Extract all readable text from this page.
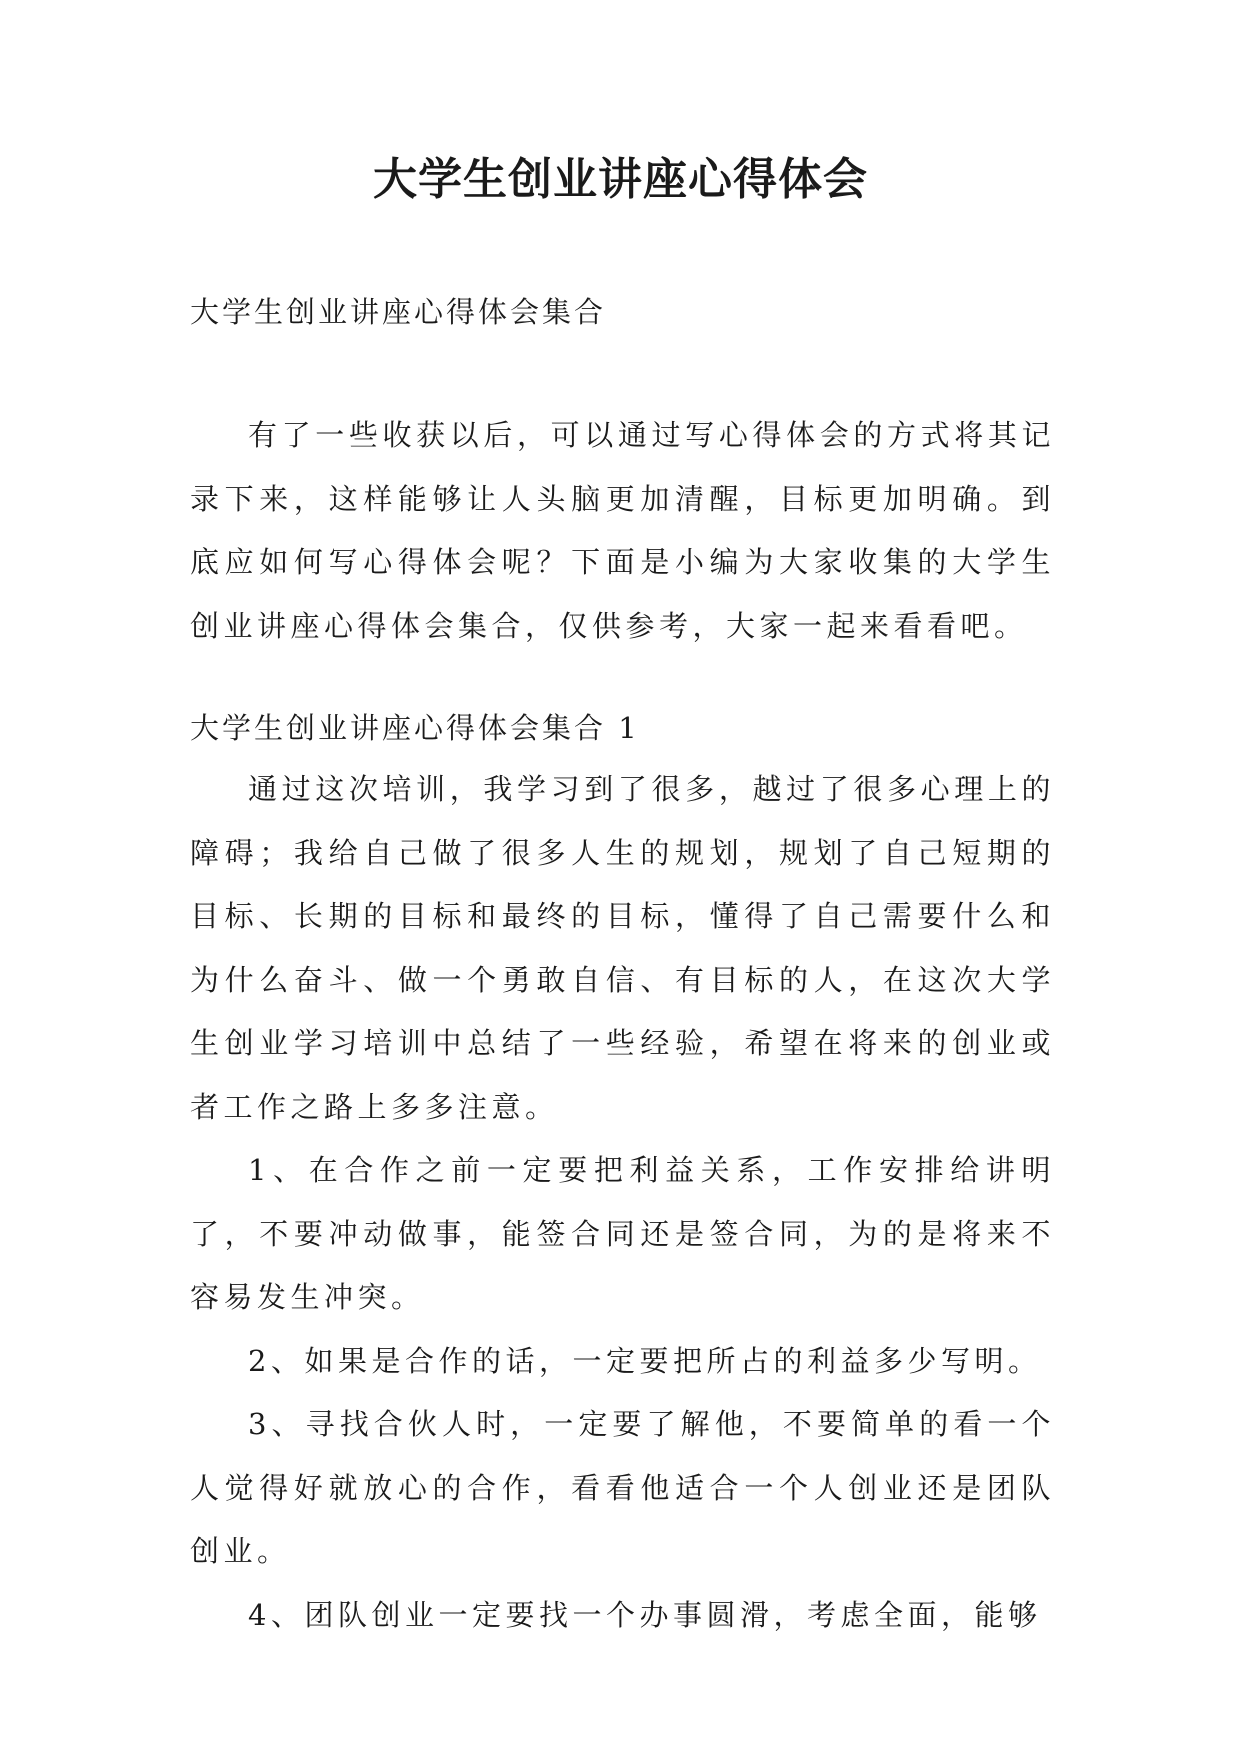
大学生创业讲座心得体会
大学生创业讲座心得体会集合

有了一些收获以后，可以通过写心得体会的方式将其记录下来，这样能够让人头脑更加清醒，目标更加明确。到底应如何写心得体会呢？下面是小编为大家收集的大学生创业讲座心得体会集合，仅供参考，大家一起来看看吧。

大学生创业讲座心得体会集合 1

通过这次培训，我学习到了很多，越过了很多心理上的障碍；我给自己做了很多人生的规划，规划了自己短期的目标、长期的目标和最终的目标，懂得了自己需要什么和为什么奋斗、做一个勇敢自信、有目标的人，在这次大学生创业学习培训中总结了一些经验，希望在将来的创业或者工作之路上多多注意。

1、在合作之前一定要把利益关系，工作安排给讲明了，不要冲动做事，能签合同还是签合同，为的是将来不容易发生冲突。

2、如果是合作的话，一定要把所占的利益多少写明。

3、寻找合伙人时，一定要了解他，不要简单的看一个人觉得好就放心的合作，看看他适合一个人创业还是团队创业。

4、团队创业一定要找一个办事圆滑，考虑全面，能够
